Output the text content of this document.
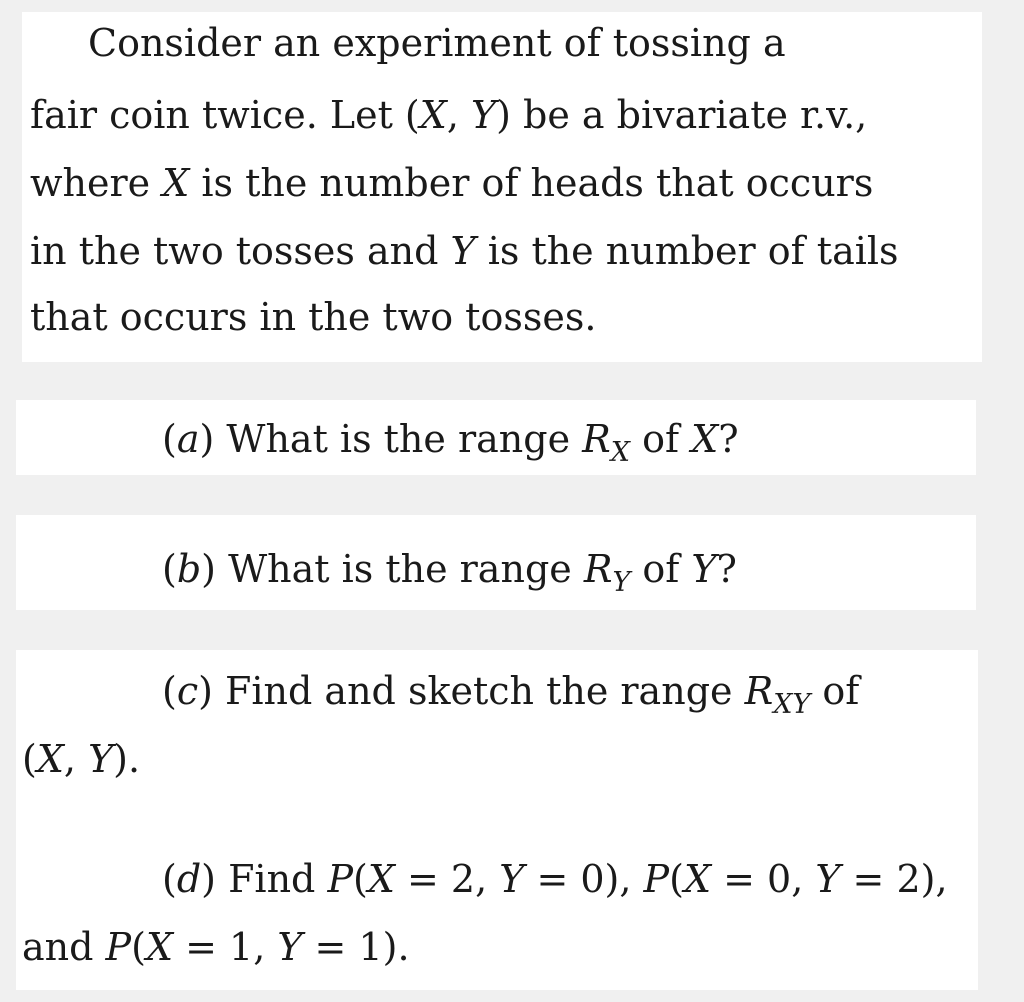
Consider an experiment of tossing a
fair coin twice. Let (X, Y) be a bivariate r.v.,
where X is the number of heads that occurs
in the two tosses and Y is the number of tails
that occurs in the two tosses.
(a) What is the range $R_X$ of X?
(b) What is the range $R_Y$ of Y?
(c) Find and sketch the range $R_{XY}$ of
(X, Y).
(d) Find P(X = 2, Y = 0), P(X = 0, Y = 2),
and P(X = 1, Y = 1).
